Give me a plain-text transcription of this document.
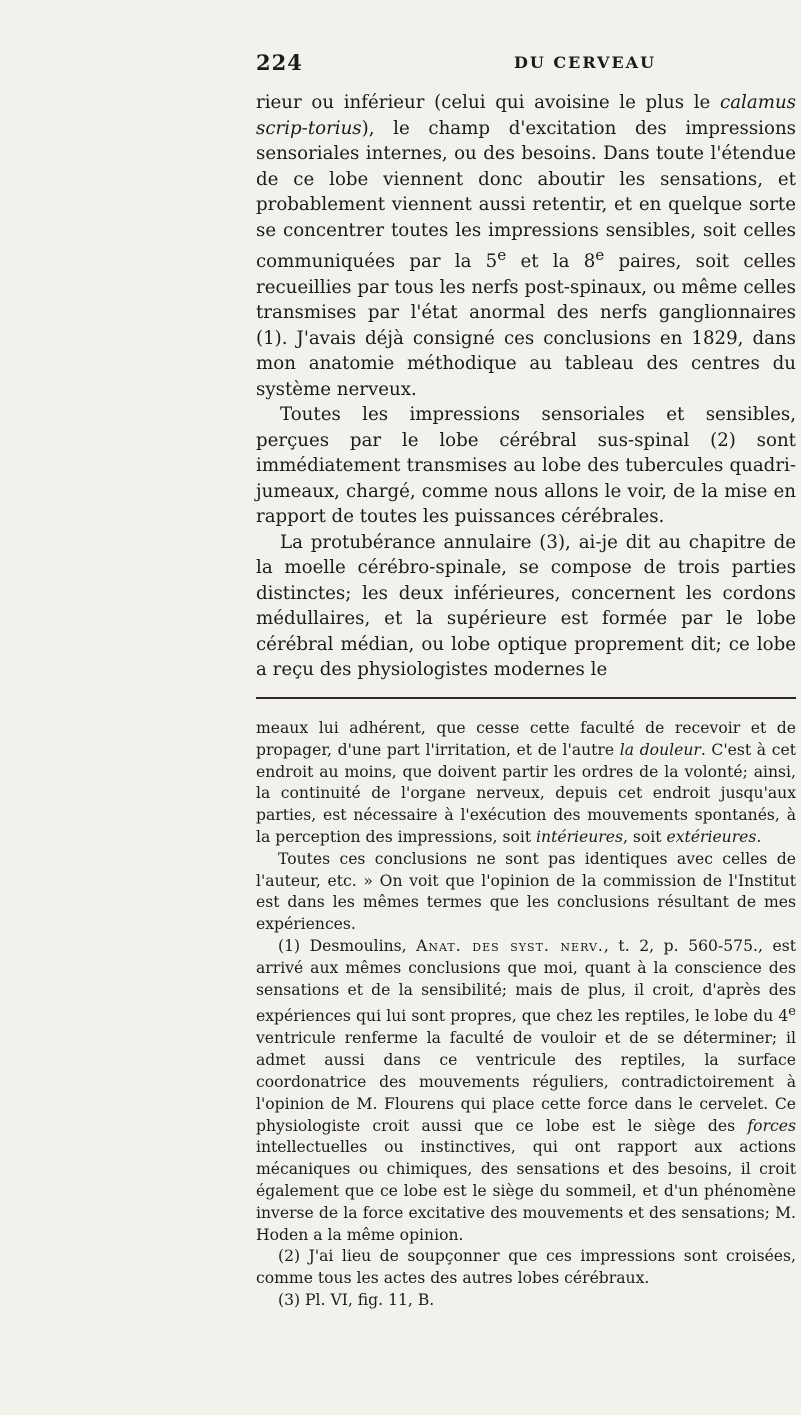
224	DU CERVEAU

rieur ou inférieur (celui qui avoisine le plus le calamus scrip-torius), le champ d'excitation des impressions sensoriales internes, ou des besoins. Dans toute l'étendue de ce lobe viennent donc aboutir les sensations, et probablement viennent aussi retentir, et en quelque sorte se concentrer toutes les impressions sensibles, soit celles communiquées par la 5e et la 8e paires, soit celles recueillies par tous les nerfs post-spinaux, ou même celles transmises par l'état anormal des nerfs ganglionnaires (1). J'avais déjà consigné ces conclusions en 1829, dans mon anatomie méthodique au tableau des centres du système nerveux.

Toutes les impressions sensoriales et sensibles, perçues par le lobe cérébral sus-spinal (2) sont immédiatement transmises au lobe des tubercules quadri-jumeaux, chargé, comme nous allons le voir, de la mise en rapport de toutes les puissances cérébrales.

La protubérance annulaire (3), ai-je dit au chapitre de la moelle cérébro-spinale, se compose de trois parties distinctes; les deux inférieures, concernent les cordons médullaires, et la supérieure est formée par le lobe cérébral médian, ou lobe optique proprement dit; ce lobe a reçu des physiologistes modernes le

meaux lui adhérent, que cesse cette faculté de recevoir et de propager, d'une part l'irritation, et de l'autre la douleur. C'est à cet endroit au moins, que doivent partir les ordres de la volonté; ainsi, la continuité de l'organe nerveux, depuis cet endroit jusqu'aux parties, est nécessaire à l'exécution des mouvements spontanés, à la perception des impressions, soit intérieures, soit extérieures.

Toutes ces conclusions ne sont pas identiques avec celles de l'auteur, etc. » On voit que l'opinion de la commission de l'Institut est dans les mêmes termes que les conclusions résultant de mes expériences.

(1) Desmoulins, Anat. des syst. nerv., t. 2, p. 560-575., est arrivé aux mêmes conclusions que moi, quant à la conscience des sensations et de la sensibilité; mais de plus, il croit, d'après des expériences qui lui sont propres, que chez les reptiles, le lobe du 4e ventricule renferme la faculté de vouloir et de se déterminer; il admet aussi dans ce ventricule des reptiles, la surface coordonatrice des mouvements réguliers, contradictoirement à l'opinion de M. Flourens qui place cette force dans le cervelet. Ce physiologiste croit aussi que ce lobe est le siège des forces intellectuelles ou instinctives, qui ont rapport aux actions mécaniques ou chimiques, des sensations et des besoins, il croit également que ce lobe est le siège du sommeil, et d'un phénomène inverse de la force excitative des mouvements et des sensations; M. Hoden a la même opinion.

(2) J'ai lieu de soupçonner que ces impressions sont croisées, comme tous les actes des autres lobes cérébraux.

(3) Pl. VI, fig. 11, B.
